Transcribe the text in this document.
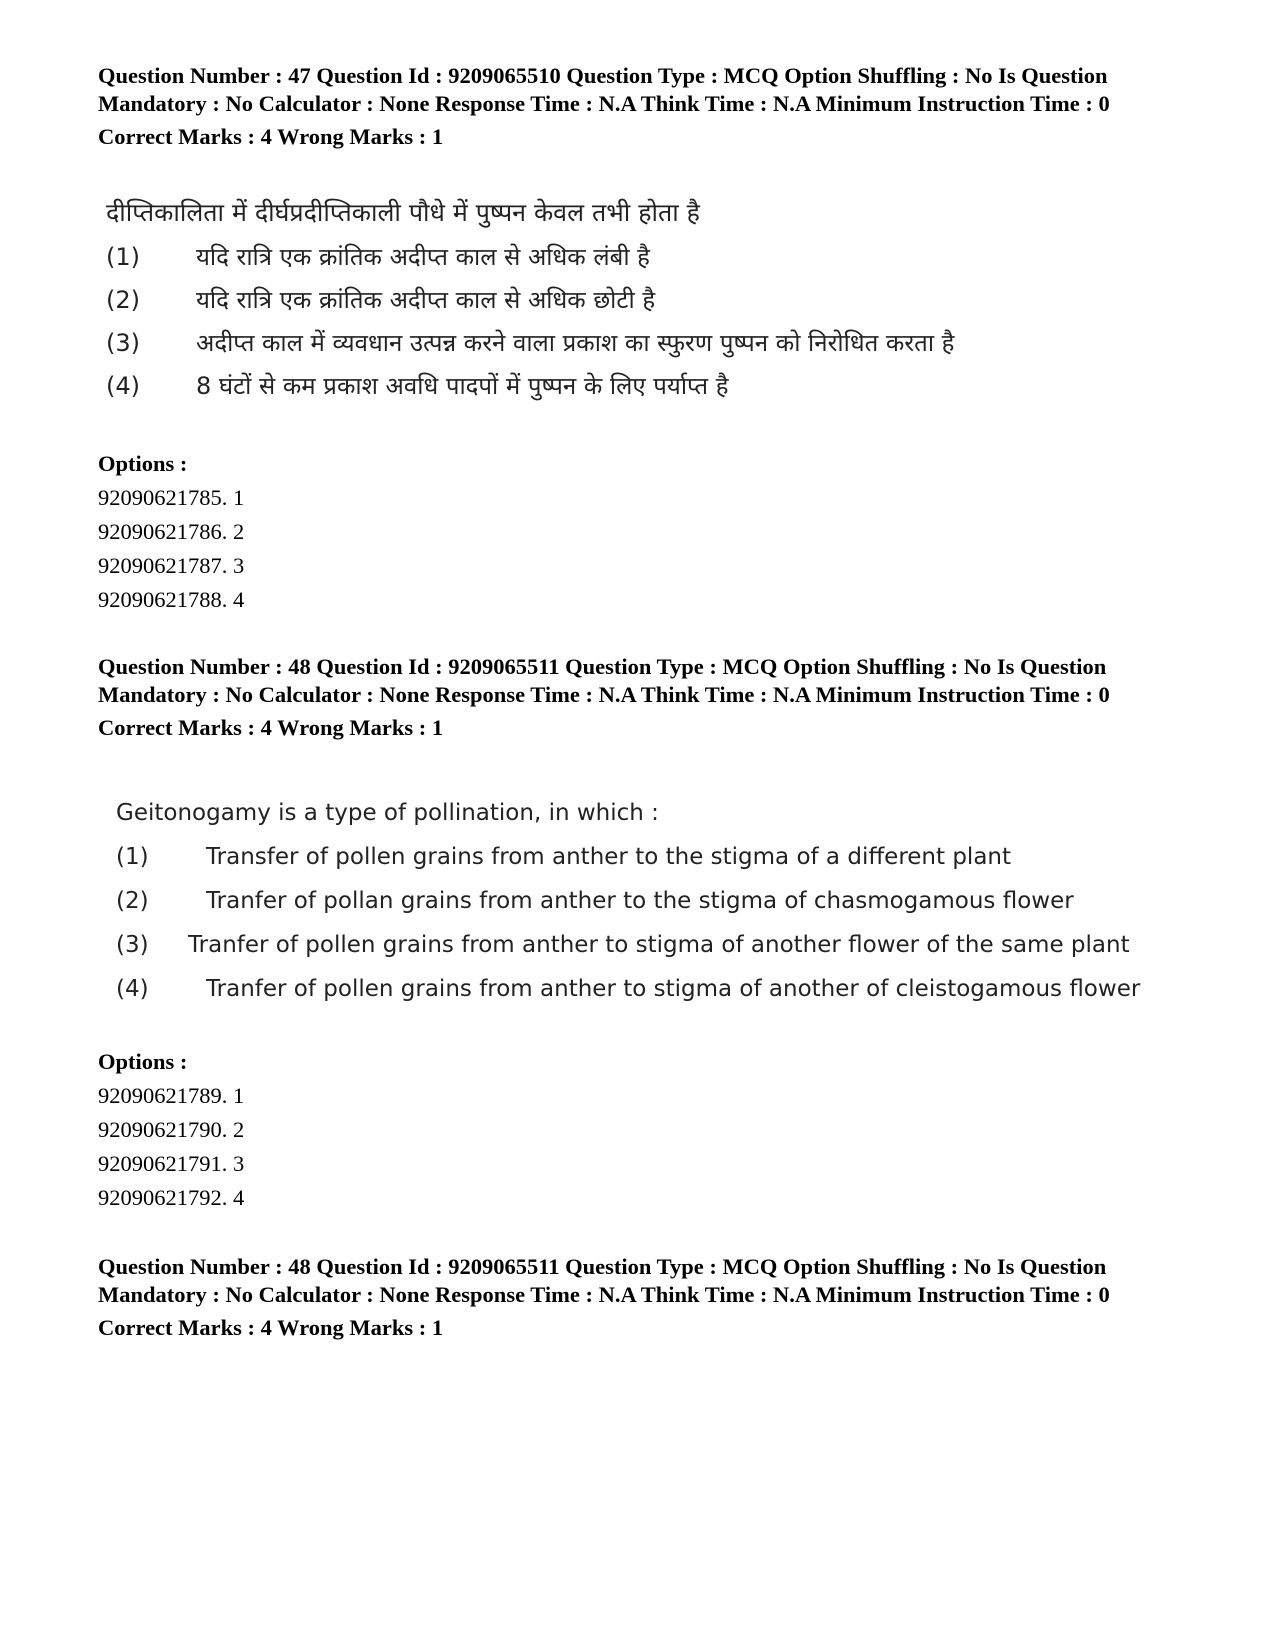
Question Number : 47 Question Id : 9209065510 Question Type : MCQ Option Shuffling : No Is Question Mandatory : No Calculator : None Response Time : N.A Think Time : N.A Minimum Instruction Time : 0

Correct Marks : 4 Wrong Marks : 1

दीप्तिकालिता में दीर्घप्रदीप्तिकाली पौधे में पुष्पन केवल तभी होता है
(1)	यदि रात्रि एक क्रांतिक अदीप्त काल से अधिक लंबी है
(2)	यदि रात्रि एक क्रांतिक अदीप्त काल से अधिक छोटी है
(3)	अदीप्त काल में व्यवधान उत्पन्न करने वाला प्रकाश का स्फुरण पुष्पन को निरोधित करता है
(4)	8 घंटों से कम प्रकाश अवधि पादपों में पुष्पन के लिए पर्याप्त है
Options :
92090621785. 1
92090621786. 2
92090621787. 3
92090621788. 4

Question Number : 48 Question Id : 9209065511 Question Type : MCQ Option Shuffling : No Is Question Mandatory : No Calculator : None Response Time : N.A Think Time : N.A Minimum Instruction Time : 0

Correct Marks : 4 Wrong Marks : 1

Geitonogamy is a type of pollination, in which :
(1)	Transfer of pollen grains from anther to the stigma of a different plant
(2)	Tranfer of pollan grains from anther to the stigma of chasmogamous flower
(3)	Tranfer of pollen grains from anther to stigma of another flower of the same plant
(4)	Tranfer of pollen grains from anther to stigma of another of cleistogamous flower
Options :
92090621789. 1
92090621790. 2
92090621791. 3
92090621792. 4

Question Number : 48 Question Id : 9209065511 Question Type : MCQ Option Shuffling : No Is Question Mandatory : No Calculator : None Response Time : N.A Think Time : N.A Minimum Instruction Time : 0

Correct Marks : 4 Wrong Marks : 1
